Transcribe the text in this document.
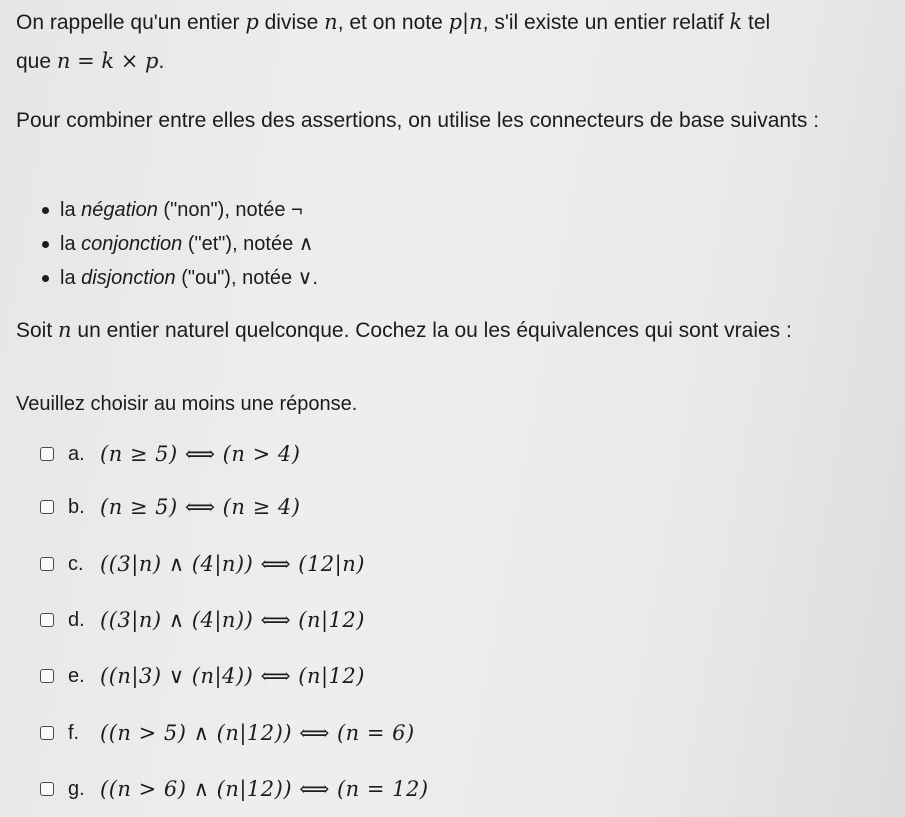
On rappelle qu'un entier p divise n, et on note p|n, s'il existe un entier relatif k tel

que n = k × p.
Pour combiner entre elles des assertions, on utilise les connecteurs de base suivants :
la négation ("non"), notée ¬
la conjonction ("et"), notée ∧
la disjonction ("ou"), notée ∨.
Soit n un entier naturel quelconque. Cochez la ou les équivalences qui sont vraies :
Veuillez choisir au moins une réponse.
a. (n ≥ 5) ⟺ (n > 4)
b. (n ≥ 5) ⟺ (n ≥ 4)
c. ((3|n) ∧ (4|n)) ⟺ (12|n)
d. ((3|n) ∧ (4|n)) ⟺ (n|12)
e. ((n|3) ∨ (n|4)) ⟺ (n|12)
f. ((n > 5) ∧ (n|12)) ⟺ (n = 6)
g. ((n > 6) ∧ (n|12)) ⟺ (n = 12)
